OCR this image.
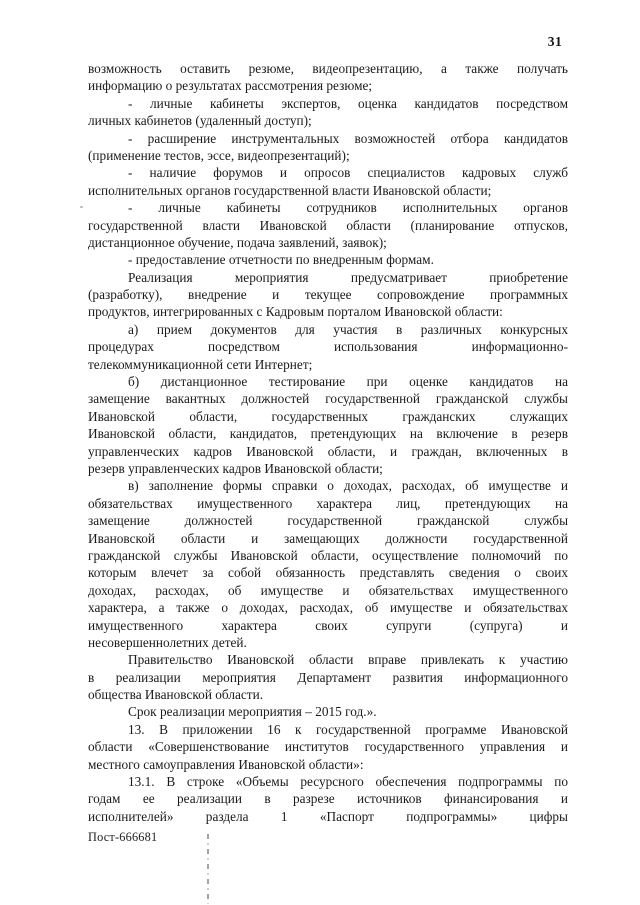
31
возможность оставить резюме, видеопрезентацию, а также получать
информацию о результатах рассмотрения резюме;
- личные кабинеты экспертов, оценка кандидатов посредством
личных кабинетов (удаленный доступ);
- расширение инструментальных возможностей отбора кандидатов
(применение тестов, эссе, видеопрезентаций);
- наличие форумов и опросов специалистов кадровых служб
исполнительных органов государственной власти Ивановской области;
- личные кабинеты сотрудников исполнительных органов
государственной власти Ивановской области (планирование отпусков,
дистанционное обучение, подача заявлений, заявок);
- предоставление отчетности по внедренным формам.
Реализация мероприятия предусматривает приобретение
(разработку), внедрение и текущее сопровождение программных
продуктов, интегрированных с Кадровым порталом Ивановской области:
а) прием документов для участия в различных конкурсных
процедурах посредством использования информационно-
телекоммуникационной сети Интернет;
б) дистанционное тестирование при оценке кандидатов на
замещение вакантных должностей государственной гражданской службы
Ивановской области, государственных гражданских служащих
Ивановской области, кандидатов, претендующих на включение в резерв
управленческих кадров Ивановской области, и граждан, включенных в
резерв управленческих кадров Ивановской области;
в) заполнение формы справки о доходах, расходах, об имуществе и
обязательствах имущественного характера лиц, претендующих на
замещение должностей государственной гражданской службы
Ивановской области и замещающих должности государственной
гражданской службы Ивановской области, осуществление полномочий по
которым влечет за собой обязанность представлять сведения о своих
доходах, расходах, об имуществе и обязательствах имущественного
характера, а также о доходах, расходах, об имуществе и обязательствах
имущественного характера своих супруги (супруга) и
несовершеннолетних детей.
Правительство Ивановской области вправе привлекать к участию
в реализации мероприятия Департамент развития информационного
общества Ивановской области.
Срок реализации мероприятия – 2015 год.».
13. В приложении 16 к государственной программе Ивановской
области «Совершенствование институтов государственного управления и
местного самоуправления Ивановской области»:
13.1. В строке «Объемы ресурсного обеспечения подпрограммы по
годам ее реализации в разрезе источников финансирования и
исполнителей» раздела 1 «Паспорт подпрограммы» цифры
Пост-666681
